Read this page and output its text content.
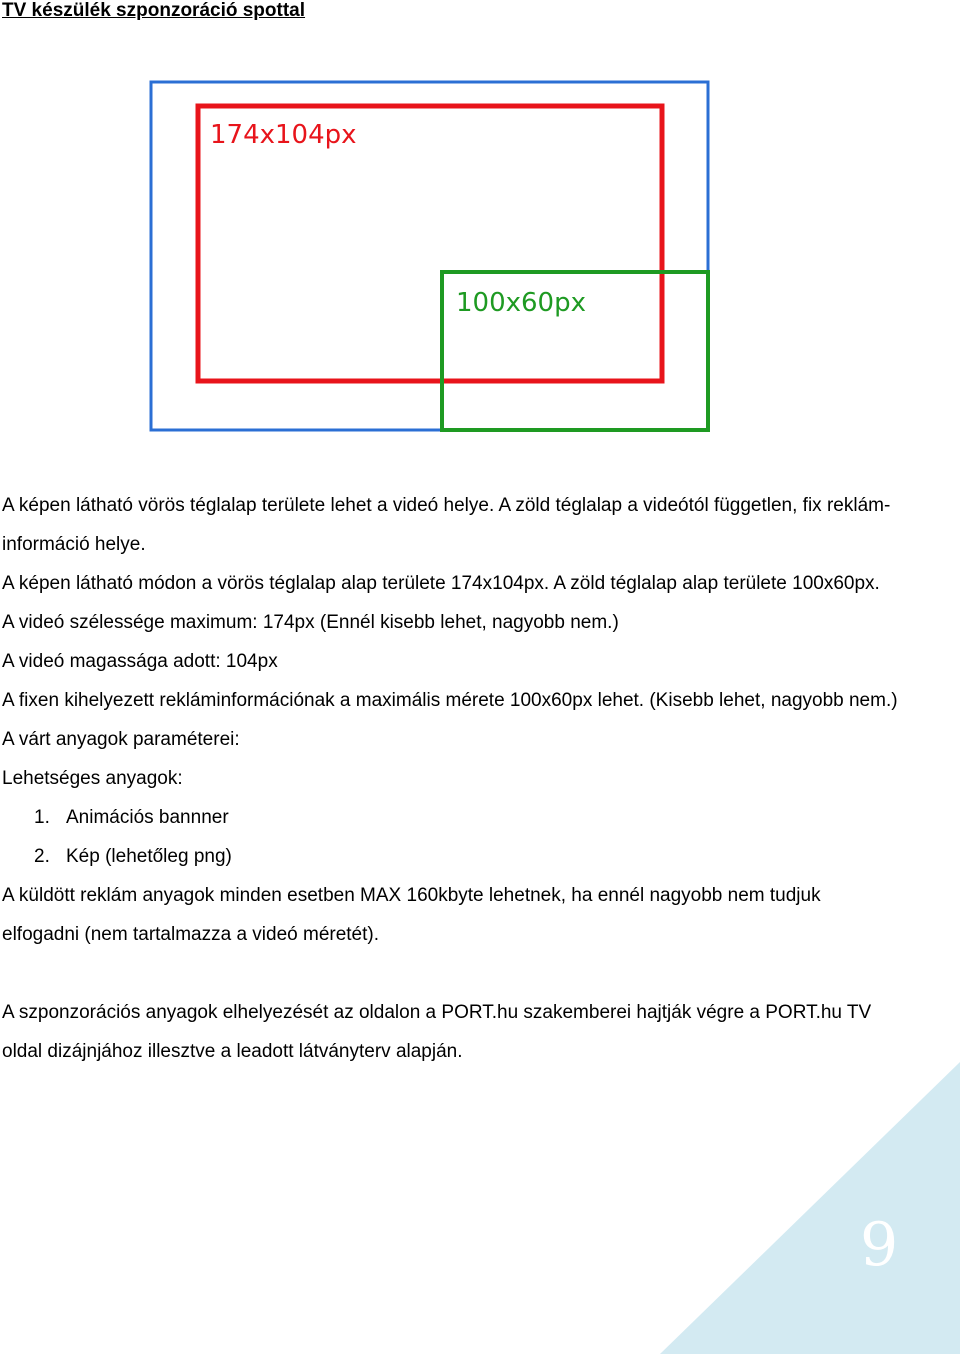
TV készülék szponzoráció spottal
174x104px
100x60px

A képen látható vörös téglalap területe lehet a videó helye. A zöld téglalap a videótól független, fix rekláminformáció helye.

A képen látható módon a vörös téglalap alap területe 174x104px. A zöld téglalap alap területe 100x60px.

A videó szélessége maximum: 174px (Ennél kisebb lehet, nagyobb nem.)

A videó magassága adott: 104px

A fixen kihelyezett rekláminformációnak a maximális mérete 100x60px lehet. (Kisebb lehet, nagyobb nem.)

A várt anyagok paraméterei:

Lehetséges anyagok:

1. Animációs bannner
2. Kép (lehetőleg png)

A küldött reklám anyagok minden esetben MAX 160kbyte lehetnek, ha ennél nagyobb nem tudjuk elfogadni (nem tartalmazza a videó méretét).

A szponzorációs anyagok elhelyezését az oldalon a PORT.hu szakemberei hajtják végre a PORT.hu TV oldal dizájnjához illesztve a leadott látványterv alapján.

9
